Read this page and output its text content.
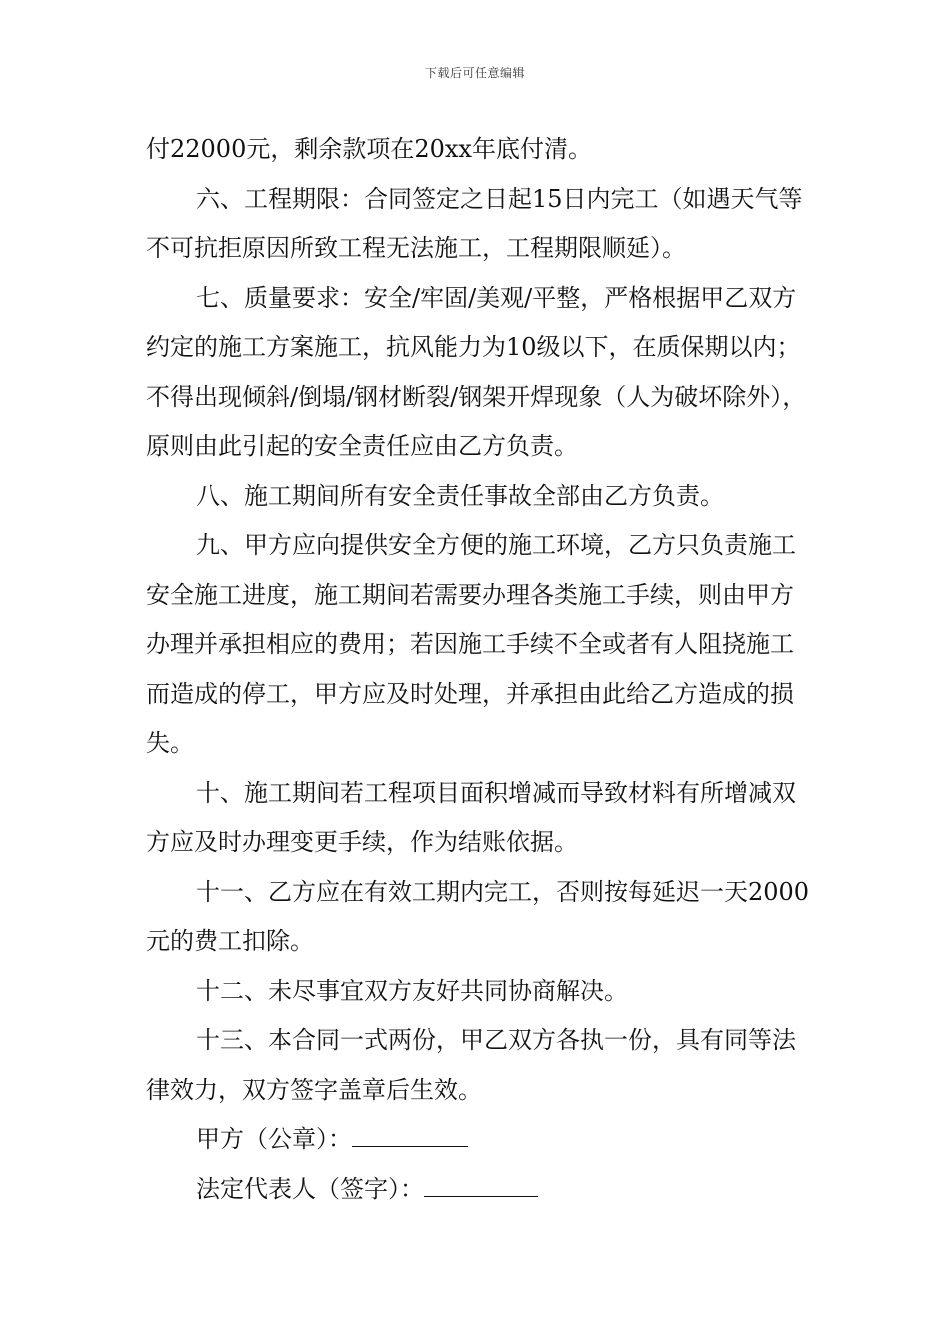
下载后可任意编辑

付22000元，剩余款项在20xx年底付清。

六、工程期限：合同签定之日起15日内完工（如遇天气等不可抗拒原因所致工程无法施工，工程期限顺延）。

七、质量要求：安全/牢固/美观/平整，严格根据甲乙双方约定的施工方案施工，抗风能力为10级以下，在质保期以内；不得出现倾斜/倒塌/钢材断裂/钢架开焊现象（人为破坏除外），原则由此引起的安全责任应由乙方负责。

八、施工期间所有安全责任事故全部由乙方负责。

九、甲方应向提供安全方便的施工环境，乙方只负责施工安全施工进度，施工期间若需要办理各类施工手续，则由甲方办理并承担相应的费用；若因施工手续不全或者有人阻挠施工而造成的停工，甲方应及时处理，并承担由此给乙方造成的损失。

十、施工期间若工程项目面积增减而导致材料有所增减双方应及时办理变更手续，作为结账依据。

十一、乙方应在有效工期内完工，否则按每延迟一天2000元的费工扣除。

十二、未尽事宜双方友好共同协商解决。

十三、本合同一式两份，甲乙双方各执一份，具有同等法律效力，双方签字盖章后生效。

甲方（公章）：

法定代表人（签字）：
